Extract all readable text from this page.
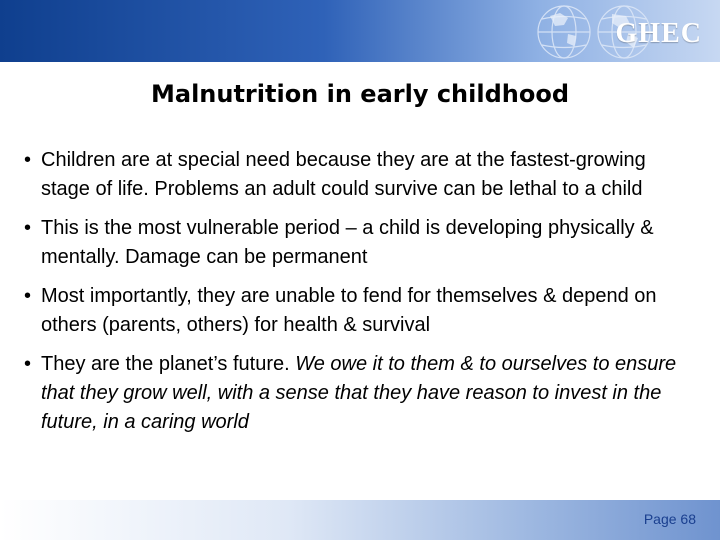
GHEC
Malnutrition in early childhood
• Children are at special need because they are at the fastest-growing stage of life. Problems an adult could survive can be lethal to a child
• This is the most vulnerable period – a child is developing physically & mentally. Damage can be permanent
• Most importantly, they are unable to fend for themselves & depend on others (parents, others) for health & survival
• They are the planet’s future. We owe it to them & to ourselves to ensure that they grow well, with a sense that they have reason to invest in the future, in a caring world
Page 68
